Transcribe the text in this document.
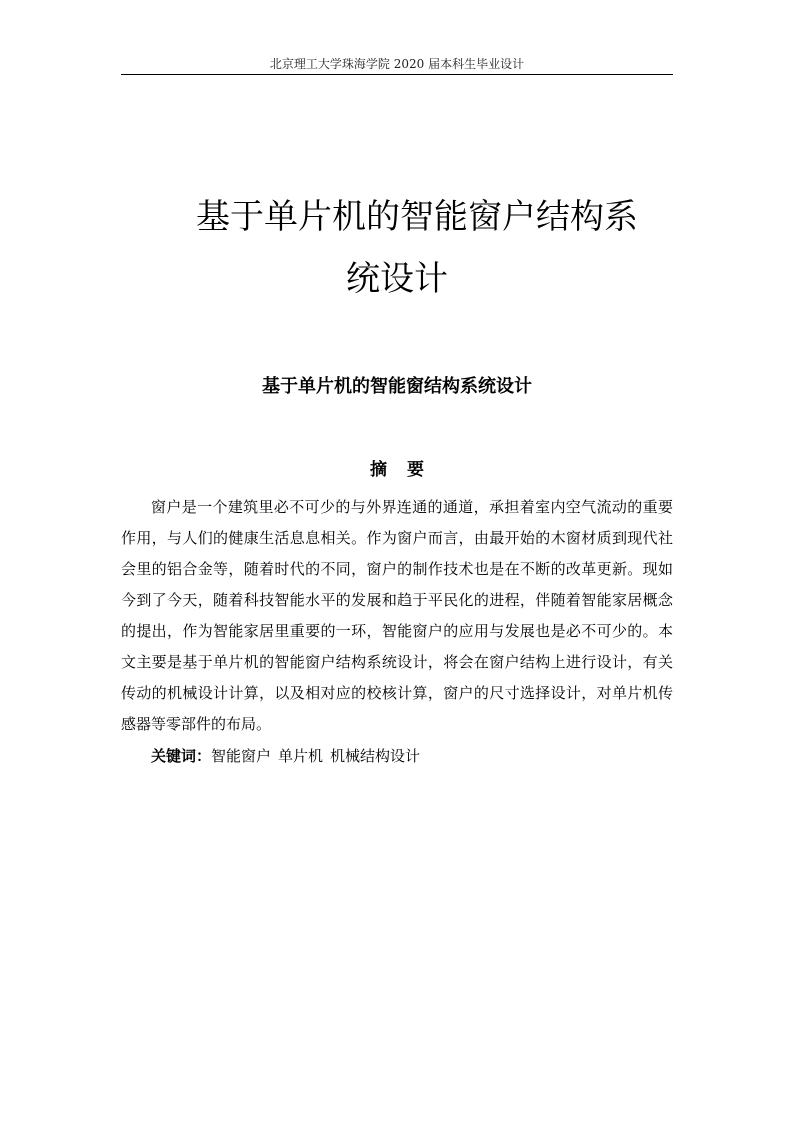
北京理工大学珠海学院 2020 届本科生毕业设计
基于单片机的智能窗户结构系
统设计
基于单片机的智能窗结构系统设计
摘要

窗户是一个建筑里必不可少的与外界连通的通道，承担着室内空气流动的重要作用，与人们的健康生活息息相关。作为窗户而言，由最开始的木窗材质到现代社会里的铝合金等，随着时代的不同，窗户的制作技术也是在不断的改革更新。现如今到了今天，随着科技智能水平的发展和趋于平民化的进程，伴随着智能家居概念的提出，作为智能家居里重要的一环，智能窗户的应用与发展也是必不可少的。本文主要是基于单片机的智能窗户结构系统设计，将会在窗户结构上进行设计，有关传动的机械设计计算，以及相对应的校核计算，窗户的尺寸选择设计，对单片机传感器等零部件的布局。

关键词：智能窗户 单片机 机械结构设计
